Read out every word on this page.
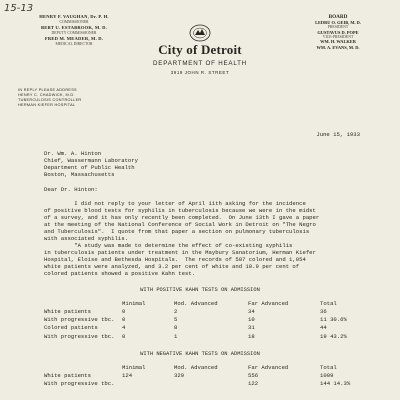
15-13
HENRY F. VAUGHAN, Dr. P. H.
COMMISSIONER
BERT U. ESTABROOK, M. D.
DEPUTY COMMISSIONER
FRED M. MEADER, M. D.
MEDICAL DIRECTOR	City of Detroit
DEPARTMENT OF HEALTH
3919 JOHN R. STREET
BOARD
LEDRU O. GEIB, M. D.
PRESIDENT
GUSTAVUS D. POPE
VICE-PRESIDENT
WM. H. WALKER
WM. A. EVANS, M. D.
IN REPLY PLEASE ADDRESS
HENRY C. CHADWICK, M.D.
TUBERCULOSIS CONTROLLER
HERMAN KIEFER HOSPITAL
June 15, 1933
Dr. Wm. A. Hinton
Chief, Wassermann Laboratory
Department of Public Health
Boston, Massachusetts
Dear Dr. Hinton:
I did not reply to your letter of April 11th asking for the incidence
of positive blood tests for syphilis in tuberculosis because we were in the midst
of a survey, and it has only recently been completed.  On June 13th I gave a paper
at the meeting of the National Conference of Social Work in Detroit on "The Negro
and Tuberculosis".  I quote from that paper a section on pulmonary tuberculosis
with associated syphilis.
"A study was made to determine the effect of co-existing syphilis
in tuberculosis patients under treatment in the Maybury Sanatorium, Herman Kiefer
Hospital, Eloise and Bethesda Hospitals.  The records of 507 colored and 1,054
white patients were analyzed, and 3.2 per cent of white and 10.9 per cent of
colored patients showed a positive Kahn test.
WITH POSITIVE KAHN TESTS ON ADMISSION
	Minimal	Mod. Advanced	Far Advanced	Total
White patients	0	2	34	36
With progressive tbc.	0	5	10	11 30.6%
Colored patients	4	8	31	44
With progressive tbc.	0	1	18	19 43.2%
WITH NEGATIVE KAHN TESTS ON ADMISSION
	Minimal	Mod. Advanced	Far Advanced	Total
White patients	124	329	556	1009
With progressive tbc.			122	144 14.3%
